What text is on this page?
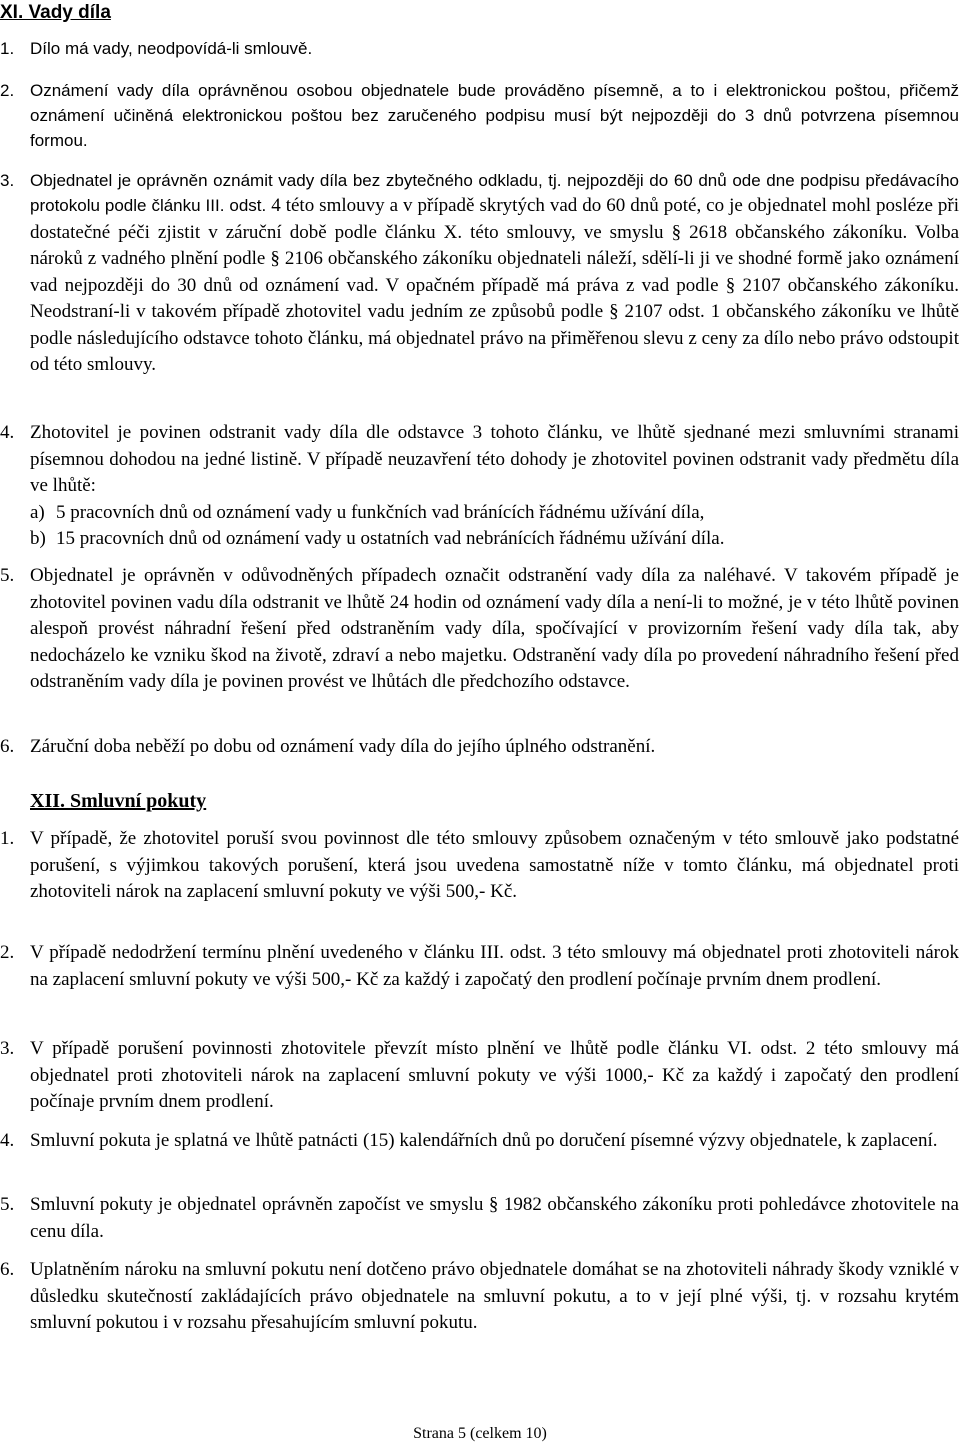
XI. Vady díla
1. Dílo má vady, neodpovídá-li smlouvě.

2. Oznámení vady díla oprávněnou osobou objednatele bude prováděno písemně, a to i elektronickou poštou, přičemž oznámení učiněná elektronickou poštou bez zaručeného podpisu musí být nejpozději do 3 dnů potvrzena písemnou formou.

3. Objednatel je oprávněn oznámit vady díla bez zbytečného odkladu, tj. nejpozději do 60 dnů ode dne podpisu předávacího protokolu podle článku III. odst. 4 této smlouvy a v případě skrytých vad do 60 dnů poté, co je objednatel mohl posléze při dostatečné péči zjistit v záruční době podle článku X. této smlouvy, ve smyslu § 2618 občanského zákoníku. Volba nároků z vadného plnění podle § 2106 občanského zákoníku objednateli náleží, sdělí-li ji ve shodné formě jako oznámení vad nejpozději do 30 dnů od oznámení vad. V opačném případě má práva z vad podle § 2107 občanského zákoníku. Neodstraní-li v takovém případě zhotovitel vadu jedním ze způsobů podle § 2107 odst. 1 občanského zákoníku ve lhůtě podle následujícího odstavce tohoto článku, má objednatel právo na přiměřenou slevu z ceny za dílo nebo právo odstoupit od této smlouvy.

4. Zhotovitel je povinen odstranit vady díla dle odstavce 3 tohoto článku, ve lhůtě sjednané mezi smluvními stranami písemnou dohodou na jedné listině. V případě neuzavření této dohody je zhotovitel povinen odstranit vady předmětu díla ve lhůtě:

a) 5 pracovních dnů od oznámení vady u funkčních vad bránících řádnému užívání díla,
b) 15 pracovních dnů od oznámení vady u ostatních vad nebránících řádnému užívání díla.
5. Objednatel je oprávněn v odůvodněných případech označit odstranění vady díla za naléhavé. V takovém případě je zhotovitel povinen vadu díla odstranit ve lhůtě 24 hodin od oznámení vady díla a není-li to možné, je v této lhůtě povinen alespoň provést náhradní řešení před odstraněním vady díla, spočívající v provizorním řešení vady díla tak, aby nedocházelo ke vzniku škod na životě, zdraví a nebo majetku. Odstranění vady díla po provedení náhradního řešení před odstraněním vady díla je povinen provést ve lhůtách dle předchozího odstavce.

6. Záruční doba neběží po dobu od oznámení vady díla do jejího úplného odstranění.

XII. Smluvní pokuty
1. V případě, že zhotovitel poruší svou povinnost dle této smlouvy způsobem označeným v této smlouvě jako podstatné porušení, s výjimkou takových porušení, která jsou uvedena samostatně níže v tomto článku, má objednatel proti zhotoviteli nárok na zaplacení smluvní pokuty ve výši 500,- Kč.

2. V případě nedodržení termínu plnění uvedeného v článku III. odst. 3 této smlouvy má objednatel proti zhotoviteli nárok na zaplacení smluvní pokuty ve výši 500,- Kč za každý i započatý den prodlení počínaje prvním dnem prodlení.

3. V případě porušení povinnosti zhotovitele převzít místo plnění ve lhůtě podle článku VI. odst. 2 této smlouvy má objednatel proti zhotoviteli nárok na zaplacení smluvní pokuty ve výši 1000,- Kč za každý i započatý den prodlení počínaje prvním dnem prodlení.

4. Smluvní pokuta je splatná ve lhůtě patnácti (15) kalendářních dnů po doručení písemné výzvy objednatele, k zaplacení.

5. Smluvní pokuty je objednatel oprávněn započíst ve smyslu § 1982 občanského zákoníku proti pohledávce zhotovitele na cenu díla.

6. Uplatněním nároku na smluvní pokutu není dotčeno právo objednatele domáhat se na zhotoviteli náhrady škody vzniklé v důsledku skutečností zakládajících právo objednatele na smluvní pokutu, a to v její plné výši, tj. v rozsahu krytém smluvní pokutou i v rozsahu přesahujícím smluvní pokutu.

Strana 5 (celkem 10)
